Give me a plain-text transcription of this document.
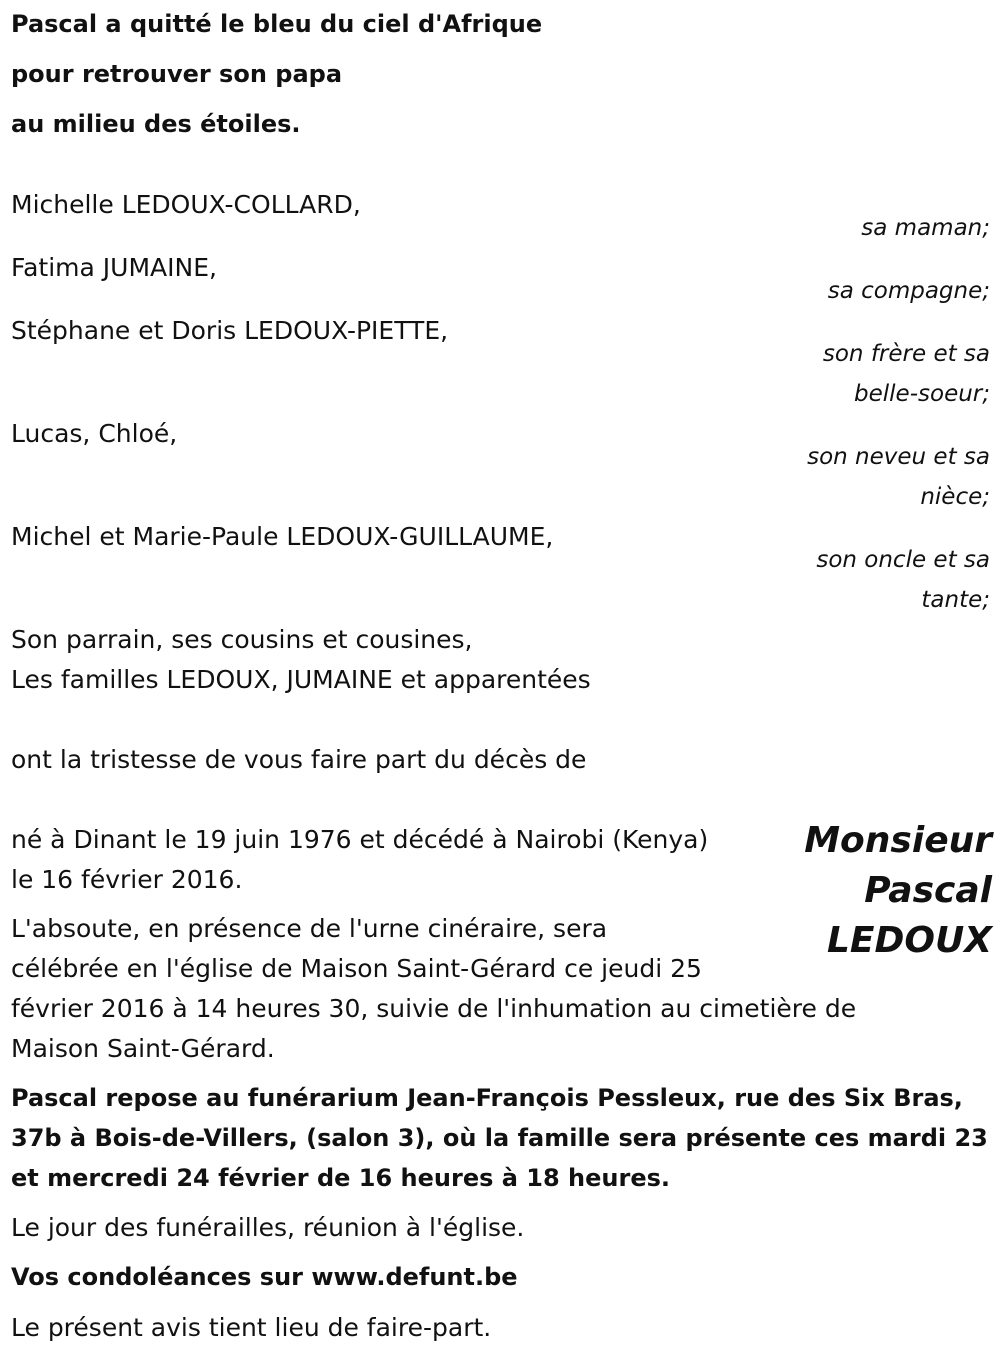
Pascal a quitté le bleu du ciel d'Afrique
pour retrouver son papa
au milieu des étoiles.
Michelle LEDOUX-COLLARD,
sa maman;
Fatima JUMAINE,
sa compagne;
Stéphane et Doris LEDOUX-PIETTE,
son frère et sa belle-soeur;
Lucas, Chloé,
son neveu et sa nièce;
Michel et Marie-Paule LEDOUX-GUILLAUME,
son oncle et sa tante;
Son parrain, ses cousins et cousines,
Les familles LEDOUX, JUMAINE et apparentées
ont la tristesse de vous faire part du décès de
Monsieur
Pascal
LEDOUX
né à Dinant le 19 juin 1976 et décédé à Nairobi (Kenya)
le 16 février 2016.
L'absoute, en présence de l'urne cinéraire, sera
célébrée en l'église de Maison Saint-Gérard ce jeudi 25
février 2016 à 14 heures 30, suivie de l'inhumation au cimetière de
Maison Saint-Gérard.
Pascal repose au funérarium Jean-François Pessleux, rue des Six Bras,
37b à Bois-de-Villers, (salon 3), où la famille sera présente ces mardi 23
et mercredi 24 février de 16 heures à 18 heures.
Le jour des funérailles, réunion à l'église.
Vos condoléances sur www.defunt.be
Le présent avis tient lieu de faire-part.
